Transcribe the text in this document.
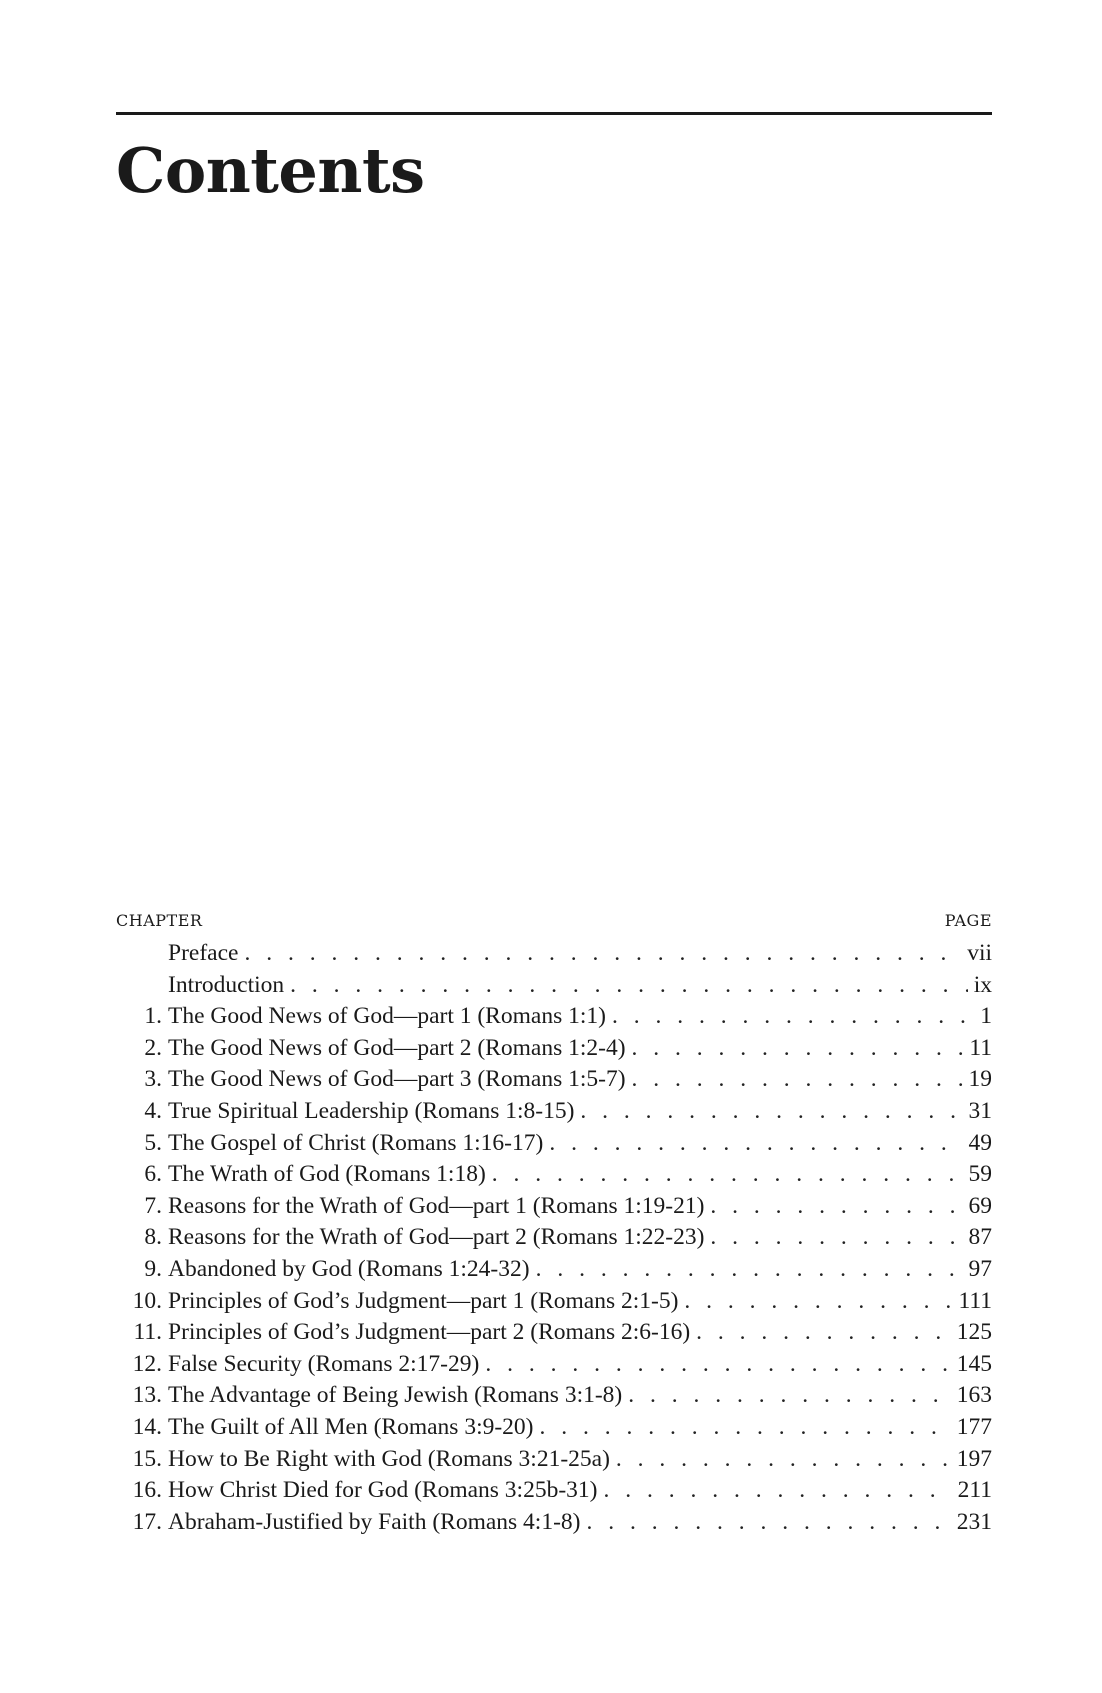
Contents
CHAPTER	PAGE
Preface . . .	vii
Introduction . . .	ix
1. The Good News of God—part 1 (Romans 1:1) . . .	1
2. The Good News of God—part 2 (Romans 1:2-4) . . .	11
3. The Good News of God—part 3 (Romans 1:5-7) . . .	19
4. True Spiritual Leadership (Romans 1:8-15) . . .	31
5. The Gospel of Christ (Romans 1:16-17) . . .	49
6. The Wrath of God (Romans 1:18) . . .	59
7. Reasons for the Wrath of God—part 1 (Romans 1:19-21) . . .	69
8. Reasons for the Wrath of God—part 2 (Romans 1:22-23) . . .	87
9. Abandoned by God (Romans 1:24-32) . . .	97
10. Principles of God’s Judgment—part 1 (Romans 2:1-5) . . .	111
11. Principles of God’s Judgment—part 2 (Romans 2:6-16) . . .	125
12. False Security (Romans 2:17-29) . . .	145
13. The Advantage of Being Jewish (Romans 3:1-8) . . .	163
14. The Guilt of All Men (Romans 3:9-20) . . .	177
15. How to Be Right with God (Romans 3:21-25a) . . .	197
16. How Christ Died for God (Romans 3:25b-31) . . .	211
17. Abraham-Justified by Faith (Romans 4:1-8) . . .	231
